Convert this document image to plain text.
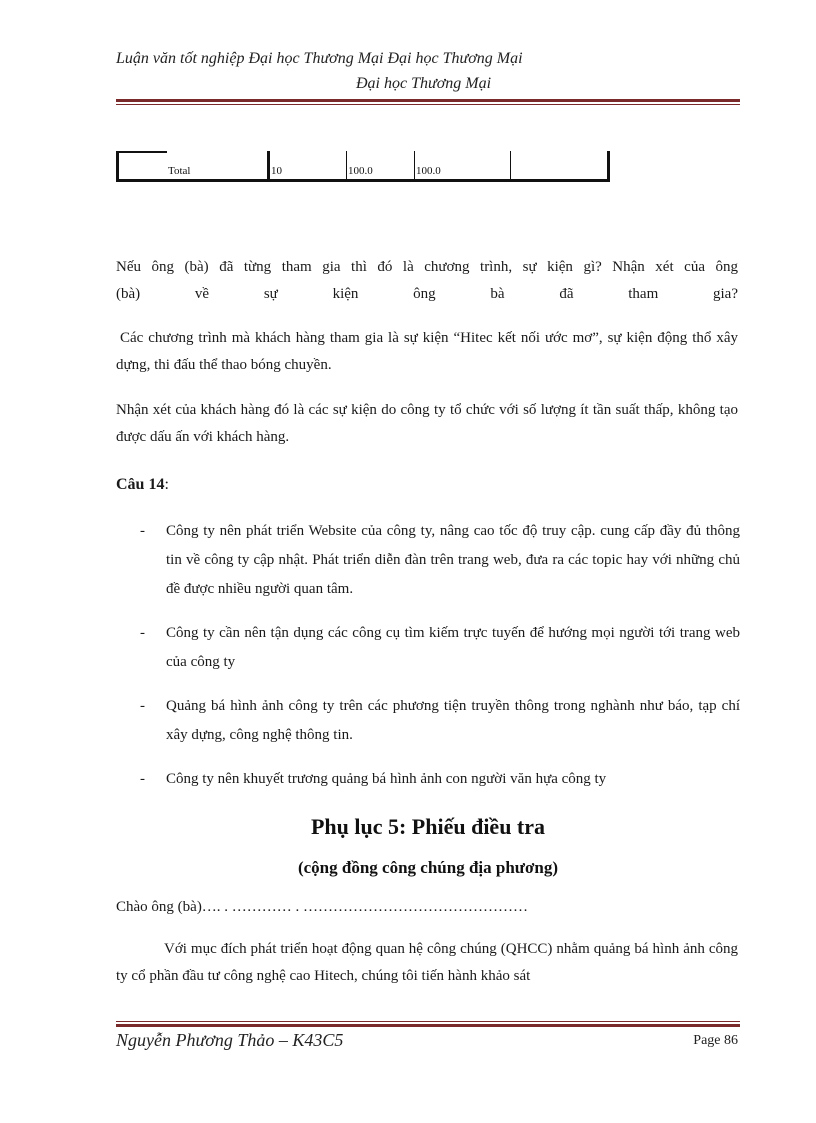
Luận văn tốt nghiệp Đại học Thương Mại Đại học Thương Mại
Đại học Thương Mại
Total	10	100.0	100.0

Nếu ông (bà) đã từng tham gia thì đó là chương trình, sự kiện gì? Nhận xét của ông

(bà) về sự kiện ông bà đã tham gia?

Các chương trình mà khách hàng tham gia là sự kiện “Hitec kết nối ước mơ”, sự kiện động thổ xây dựng, thi đấu thể thao bóng chuyền.

Nhận xét của khách hàng đó là các sự kiện do công ty tổ chức với số lượng ít tần suất thấp, không tạo được dấu ấn với khách hàng.

Câu 14:

- Công ty nên phát triển Website của công ty, nâng cao tốc độ truy cập. cung cấp đầy đủ thông tin về công ty cập nhật. Phát triển diễn đàn trên trang web, đưa ra các topic hay với những chủ đề được nhiều người quan tâm.
- Công ty cần nên tận dụng các công cụ tìm kiếm trực tuyến để hướng mọi người tới trang web của công ty
- Quảng bá hình ảnh công ty trên các phương tiện truyền thông trong nghành như báo, tạp chí xây dựng, công nghệ thông tin.
- Công ty nên khuyết trương quảng bá hình ảnh con người văn hựa công ty
Phụ lục 5: Phiếu điều tra
(cộng đồng công chúng địa phương)

Chào ông (bà)…. . ………… . ………………………………………

Với mục đích phát triển hoạt động quan hệ công chúng (QHCC) nhằm quảng bá hình ảnh công ty cổ phần đầu tư công nghệ cao Hitech, chúng tôi tiến hành khảo sát

Nguyễn Phương Thảo – K43C5	Page 86
